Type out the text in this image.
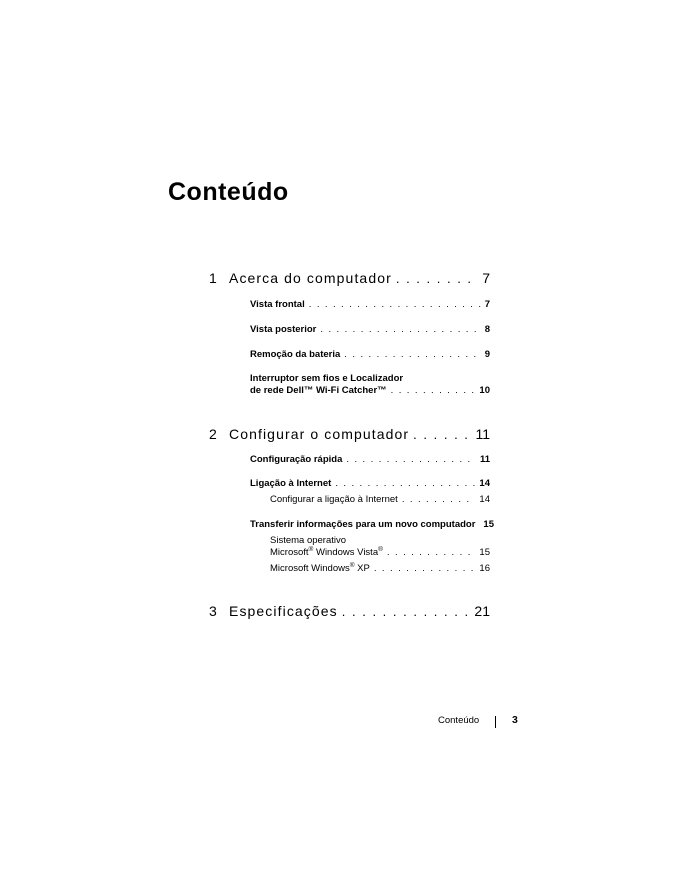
Conteúdo
1 Acerca do computador . . .	7
Vista frontal . . .	7
Vista posterior . . .	8
Remoção da bateria . . .	9
Interruptor sem fios e Localizador
de rede Dell™ Wi-Fi Catcher™ . . .	10
2 Configurar o computador . . .	11
Configuração rápida . . .	11
Ligação à Internet . . .	14
Configurar a ligação à Internet . . .	14
Transferir informações para um novo computador 15
Sistema operativo
Microsoft® Windows Vista® . . .	15
Microsoft Windows® XP . . .	16
3 Especificações . . .	21
Conteúdo	3
